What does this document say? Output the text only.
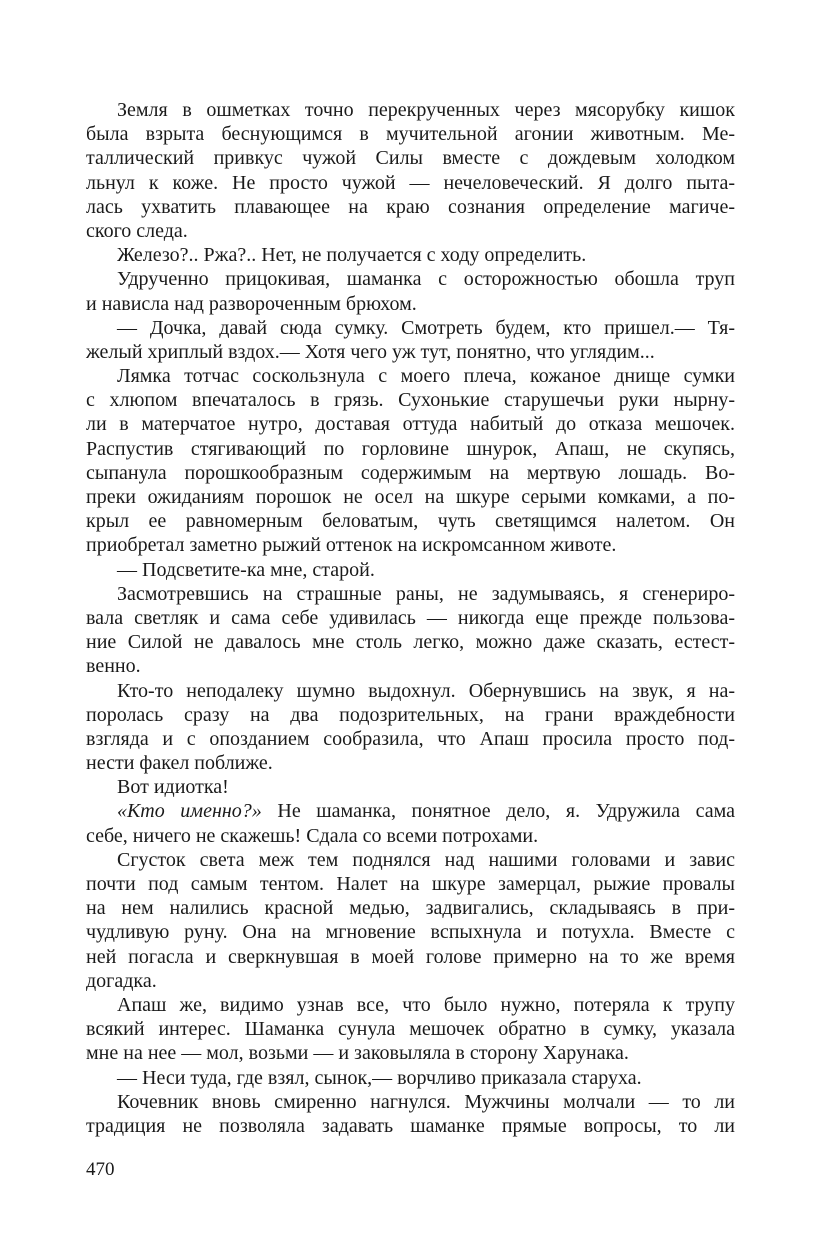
Земля в ошметках точно перекрученных через мясорубку кишок
была взрыта беснующимся в мучительной агонии животным. Ме-
таллический привкус чужой Силы вместе с дождевым холодком
льнул к коже. Не просто чужой — нечеловеческий. Я долго пыта-
лась ухватить плавающее на краю сознания определение магиче-
ского следа.
Железо?.. Ржа?.. Нет, не получается с ходу определить.
Удрученно прицокивая, шаманка с осторожностью обошла труп
и нависла над развороченным брюхом.
— Дочка, давай сюда сумку. Смотреть будем, кто пришел.— Тя-
желый хриплый вздох.— Хотя чего уж тут, понятно, что углядим...
Лямка тотчас соскользнула с моего плеча, кожаное днище сумки
с хлюпом впечаталось в грязь. Сухонькие старушечьи руки нырну-
ли в матерчатое нутро, доставая оттуда набитый до отказа мешочек.
Распустив стягивающий по горловине шнурок, Апаш, не скупясь,
сыпанула порошкообразным содержимым на мертвую лошадь. Во-
преки ожиданиям порошок не осел на шкуре серыми комками, а по-
крыл ее равномерным беловатым, чуть светящимся налетом. Он
приобретал заметно рыжий оттенок на искромсанном животе.
— Подсветите-ка мне, старой.
Засмотревшись на страшные раны, не задумываясь, я сгенериро-
вала светляк и сама себе удивилась — никогда еще прежде пользова-
ние Силой не давалось мне столь легко, можно даже сказать, естест-
венно.
Кто-то неподалеку шумно выдохнул. Обернувшись на звук, я на-
поролась сразу на два подозрительных, на грани враждебности
взгляда и с опозданием сообразила, что Апаш просила просто под-
нести факел поближе.
Вот идиотка!
«Кто именно?» Не шаманка, понятное дело, я. Удружила сама
себе, ничего не скажешь! Сдала со всеми потрохами.
Сгусток света меж тем поднялся над нашими головами и завис
почти под самым тентом. Налет на шкуре замерцал, рыжие провалы
на нем налились красной медью, задвигались, складываясь в при-
чудливую руну. Она на мгновение вспыхнула и потухла. Вместе с
ней погасла и сверкнувшая в моей голове примерно на то же время
догадка.
Апаш же, видимо узнав все, что было нужно, потеряла к трупу
всякий интерес. Шаманка сунула мешочек обратно в сумку, указала
мне на нее — мол, возьми — и заковыляла в сторону Харунака.
— Неси туда, где взял, сынок,— ворчливо приказала старуха.
Кочевник вновь смиренно нагнулся. Мужчины молчали — то ли
традиция не позволяла задавать шаманке прямые вопросы, то ли
470
